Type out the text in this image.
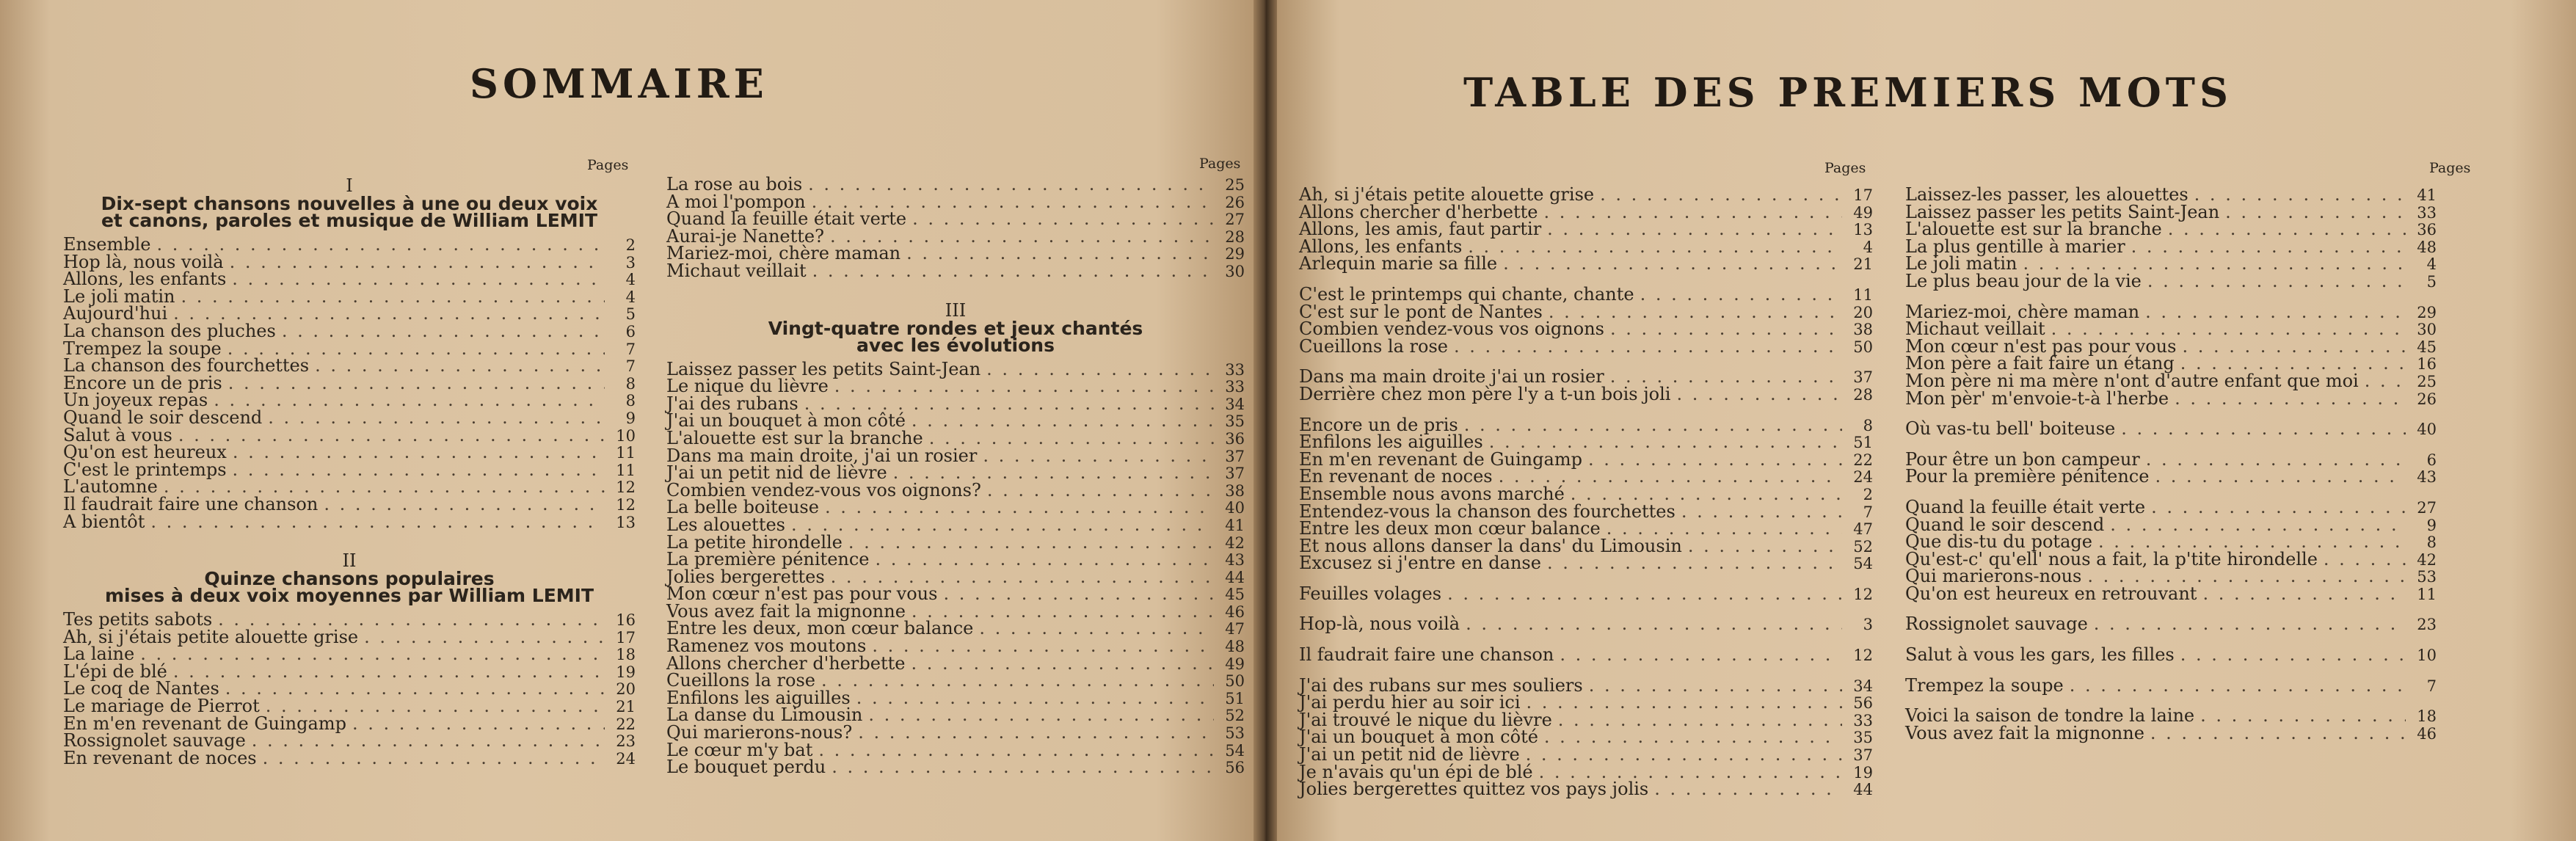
SOMMAIRE
Pages	Pages
I
Dix-sept chansons nouvelles à une ou deux voix
et canons, paroles et musique de William LEMIT
Ensemble . . .	2
Hop là, nous voilà . . .	3
Allons, les enfants . . .	4
Le joli matin . . .	4
Aujourd'hui . . .	5
La chanson des pluches . . .	6
Trempez la soupe . . .	7
La chanson des fourchettes . . .	7
Encore un de pris . . .	8
Un joyeux repas . . .	8
Quand le soir descend . . .	9
Salut à vous . . .	10
Qu'on est heureux . . .	11
C'est le printemps . . .	11
L'automne . . .	12
Il faudrait faire une chanson . . .	12
A bientôt . . .	13
II
Quinze chansons populaires
mises à deux voix moyennes par William LEMIT
Tes petits sabots . . .	16
Ah, si j'étais petite alouette grise . . .	17
La laine . . .	18
L'épi de blé . . .	19
Le coq de Nantes . . .	20
Le mariage de Pierrot . . .	21
En m'en revenant de Guingamp . . .	22
Rossignolet sauvage . . .	23
En revenant de noces . . .	24
La rose au bois . . .	25
A moi l'pompon . . .	26
Quand la feuille était verte . . .	27
Aurai-je Nanette? . . .	28
Mariez-moi, chère maman . . .	29
Michaut veillait . . .	30
III
Vingt-quatre rondes et jeux chantés
avec les évolutions
Laissez passer les petits Saint-Jean . . .	33
Le nique du lièvre . . .	33
J'ai des rubans . . .	34
J'ai un bouquet à mon côté . . .	35
L'alouette est sur la branche . . .	36
Dans ma main droite, j'ai un rosier . . .	37
J'ai un petit nid de lièvre . . .	37
Combien vendez-vous vos oignons? . . .	38
La belle boiteuse . . .	40
Les alouettes . . .	41
La petite hirondelle . . .	42
La première pénitence . . .	43
Jolies bergerettes . . .	44
Mon cœur n'est pas pour vous . . .	45
Vous avez fait la mignonne . . .	46
Entre les deux, mon cœur balance . . .	47
Ramenez vos moutons . . .	48
Allons chercher d'herbette . . .	49
Cueillons la rose . . .	50
Enfilons les aiguilles . . .	51
La danse du Limousin . . .	52
Qui marierons-nous? . . .	53
Le cœur m'y bat . . .	54
Le bouquet perdu . . .	56
TABLE DES PREMIERS MOTS
Pages	Pages
Ah, si j'étais petite alouette grise . . .	17
Allons chercher d'herbette . . .	49
Allons, les amis, faut partir . . .	13
Allons, les enfants . . .	4
Arlequin marie sa fille . . .	21
C'est le printemps qui chante, chante . . .	11
C'est sur le pont de Nantes . . .	20
Combien vendez-vous vos oignons . . .	38
Cueillons la rose . . .	50
Dans ma main droite j'ai un rosier . . .	37
Derrière chez mon père l'y a t-un bois joli . . .	28
Encore un de pris . . .	8
Enfilons les aiguilles . . .	51
En m'en revenant de Guingamp . . .	22
En revenant de noces . . .	24
Ensemble nous avons marché . . .	2
Entendez-vous la chanson des fourchettes . . .	7
Entre les deux mon cœur balance . . .	47
Et nous allons danser la dans' du Limousin . . .	52
Excusez si j'entre en danse . . .	54
Feuilles volages . . .	12
Hop-là, nous voilà . . .	3
Il faudrait faire une chanson . . .	12
J'ai des rubans sur mes souliers . . .	34
J'ai perdu hier au soir ici . . .	56
J'ai trouvé le nique du lièvre . . .	33
J'ai un bouquet à mon côté . . .	35
J'ai un petit nid de lièvre . . .	37
Je n'avais qu'un épi de blé . . .	19
Jolies bergerettes quittez vos pays jolis . . .	44
Laissez-les passer, les alouettes . . .	41
Laissez passer les petits Saint-Jean . . .	33
L'alouette est sur la branche . . .	36
La plus gentille à marier . . .	48
Le joli matin . . .	4
Le plus beau jour de la vie . . .	5
Mariez-moi, chère maman . . .	29
Michaut veillait . . .	30
Mon cœur n'est pas pour vous . . .	45
Mon père a fait faire un étang . . .	16
Mon père ni ma mère n'ont d'autre enfant que moi . . .	25
Mon pèr' m'envoie-t-à l'herbe . . .	26
Où vas-tu bell' boiteuse . . .	40
Pour être un bon campeur . . .	6
Pour la première pénitence . . .	43
Quand la feuille était verte . . .	27
Quand le soir descend . . .	9
Que dis-tu du potage . . .	8
Qu'est-c' qu'ell' nous a fait, la p'tite hirondelle . . .	42
Qui marierons-nous . . .	53
Qu'on est heureux en retrouvant . . .	11
Rossignolet sauvage . . .	23
Salut à vous les gars, les filles . . .	10
Trempez la soupe . . .	7
Voici la saison de tondre la laine . . .	18
Vous avez fait la mignonne . . .	46
